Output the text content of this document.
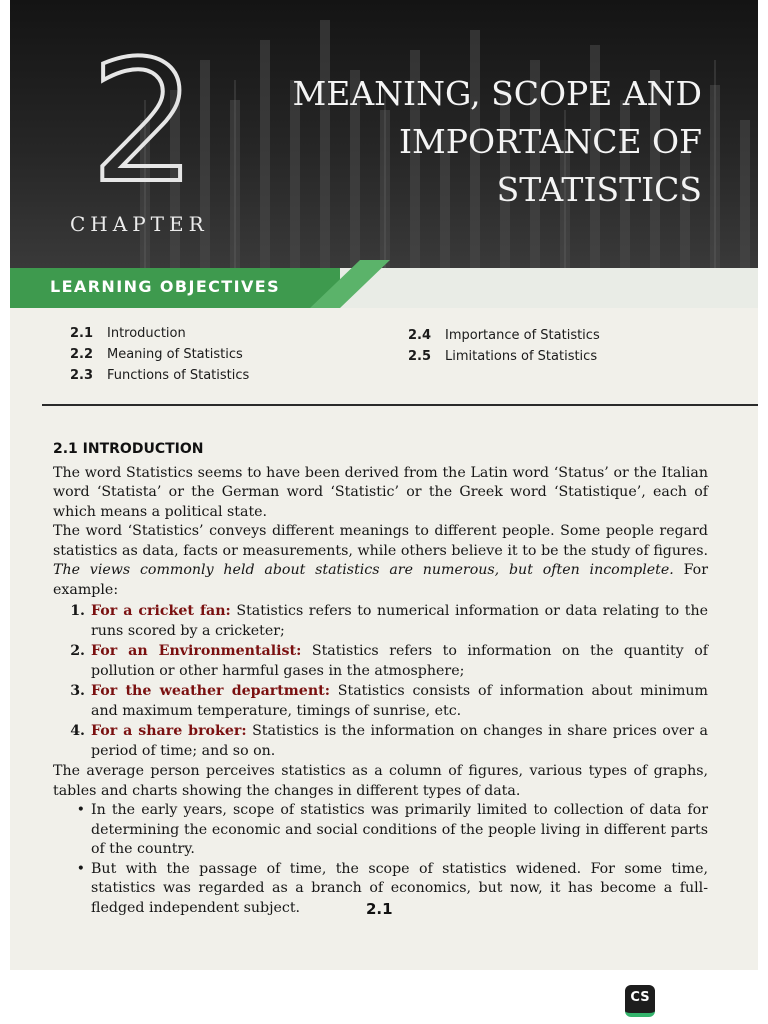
2
CHAPTER
MEANING, SCOPE AND
IMPORTANCE OF
STATISTICS
LEARNING OBJECTIVES
2.1	Introduction
2.2	Meaning of Statistics
2.3	Functions of Statistics
2.4	Importance of Statistics
2.5	Limitations of Statistics
2.1 INTRODUCTION

The word Statistics seems to have been derived from the Latin word ‘Status’ or the Italian word ‘Statista’ or the German word ‘Statistic’ or the Greek word ‘Statistique’, each of which means a political state.

The word ‘Statistics’ conveys different meanings to different people. Some people regard statistics as data, facts or measurements, while others believe it to be the study of figures. The views commonly held about statistics are numerous, but often incomplete. For example:

1. For a cricket fan: Statistics refers to numerical information or data relating to the runs scored by a cricketer;
2. For an Environmentalist: Statistics refers to information on the quantity of pollution or other harmful gases in the atmosphere;
3. For the weather department: Statistics consists of information about minimum and maximum temperature, timings of sunrise, etc.
4. For a share broker: Statistics is the information on changes in share prices over a period of time; and so on.

The average person perceives statistics as a column of figures, various types of graphs, tables and charts showing the changes in different types of data.

• In the early years, scope of statistics was primarily limited to collection of data for determining the economic and social conditions of the people living in different parts of the country.
• But with the passage of time, the scope of statistics widened. For some time, statistics was regarded as a branch of economics, but now, it has become a full-fledged independent subject.	2.1
CS
